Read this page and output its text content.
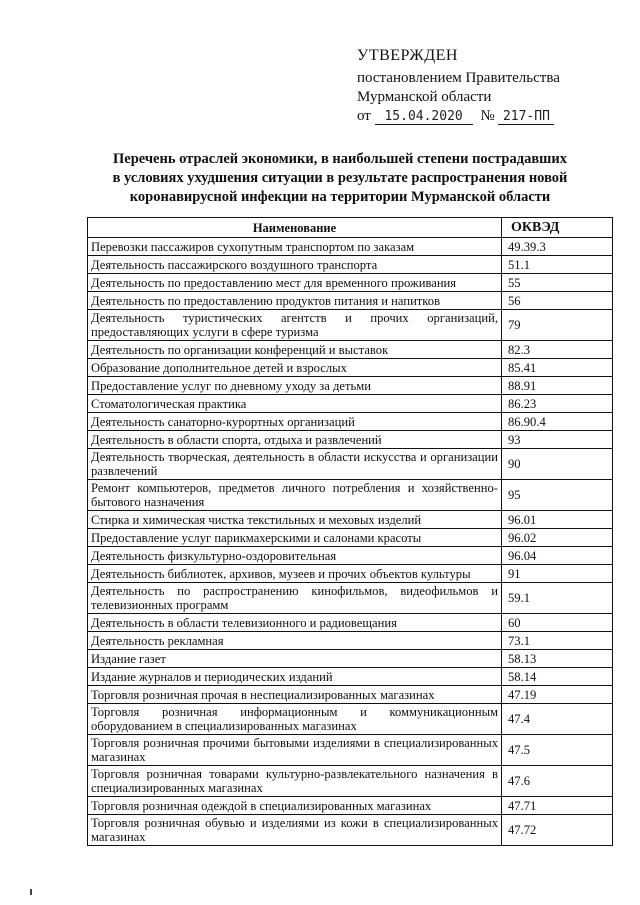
УТВЕРЖДЕН
постановлением Правительства
Мурманской области
от 15.04.2020 № 217-ПП
Перечень отраслей экономики, в наибольшей степени пострадавших
в условиях ухудшения ситуации в результате распространения новой
коронавирусной инфекции на территории Мурманской области
Наименование	ОКВЭД
Перевозки пассажиров сухопутным транспортом по заказам	49.39.3
Деятельность пассажирского воздушного транспорта	51.1
Деятельность по предоставлению мест для временного проживания	55
Деятельность по предоставлению продуктов питания и напитков	56
Деятельность туристических агентств и прочих организаций, предоставляющих услуги в сфере туризма	79
Деятельность по организации конференций и выставок	82.3
Образование дополнительное детей и взрослых	85.41
Предоставление услуг по дневному уходу за детьми	88.91
Стоматологическая практика	86.23
Деятельность санаторно-курортных организаций	86.90.4
Деятельность в области спорта, отдыха и развлечений	93
Деятельность творческая, деятельность в области искусства и организации развлечений	90
Ремонт компьютеров, предметов личного потребления и хозяйственно-бытового назначения	95
Стирка и химическая чистка текстильных и меховых изделий	96.01
Предоставление услуг парикмахерскими и салонами красоты	96.02
Деятельность физкультурно-оздоровительная	96.04
Деятельность библиотек, архивов, музеев и прочих объектов культуры	91
Деятельность по распространению кинофильмов, видеофильмов и телевизионных программ	59.1
Деятельность в области телевизионного и радиовещания	60
Деятельность рекламная	73.1
Издание газет	58.13
Издание журналов и периодических изданий	58.14
Торговля розничная прочая в неспециализированных магазинах	47.19
Торговля розничная информационным и коммуникационным оборудованием в специализированных магазинах	47.4
Торговля розничная прочими бытовыми изделиями в специализированных магазинах	47.5
Торговля розничная товарами культурно-развлекательного назначения в специализированных магазинах	47.6
Торговля розничная одеждой в специализированных магазинах	47.71
Торговля розничная обувью и изделиями из кожи в специализированных магазинах	47.72
